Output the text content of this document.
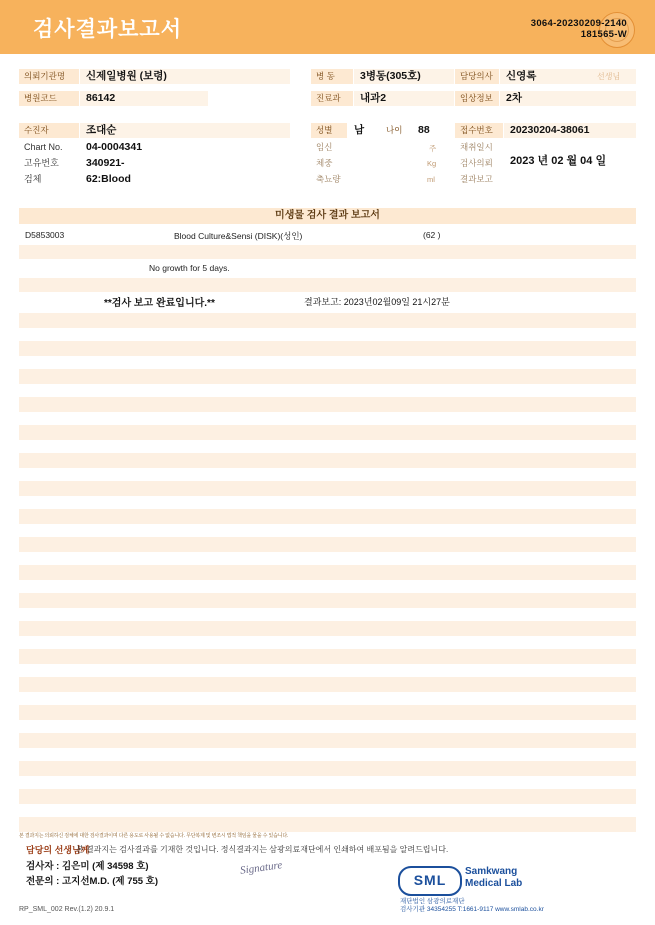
검사결과보고서	3064-20230209-2140
181565-W
의뢰기관명	신제일병원 (보령)	병 동	3병동(305호)	담당의사	신영록	선생님
병원코드	86142	진료과	내과2	임상정보	2차
수진자	조대순	성별	남	나이	88	접수번호	20230204-38061
Chart No.	04-0004341	임신	주	채취일시
고유번호	340921-	체중	Kg	검사의뢰	2023 년 02 월 04 일
검체	62:Blood	축뇨량	ml	결과보고
미생물 검사 결과 보고서
D5853003	Blood Culture&Sensi (DISK)(성인)	(62 )
No growth for 5 days.
**검사 보고 완료입니다.**	결과보고: 2023년02월09일 21시27분
본 결과지는 의뢰하신 검체에 대한 검사결과이며 다른 용도로 사용될 수 없습니다. 무단복제 및 변조시 법적 책임을 물을 수 있습니다.
담당의 선생님께
본 결과지는 검사결과를 기재한 것입니다. 정식결과지는 삼광의료재단에서 인쇄하여 배포됨을 알려드립니다.
검사자 : 김은미 (제 34598 호)
전문의 : 고지선M.D. (제 755 호)
Signature
SML
Samkwang
Medical Lab
재단법인 삼광의료재단
검사기관 34354255 T:1661-9117 www.smlab.co.kr
RP_SML_002 Rev.(1.2) 20.9.1
